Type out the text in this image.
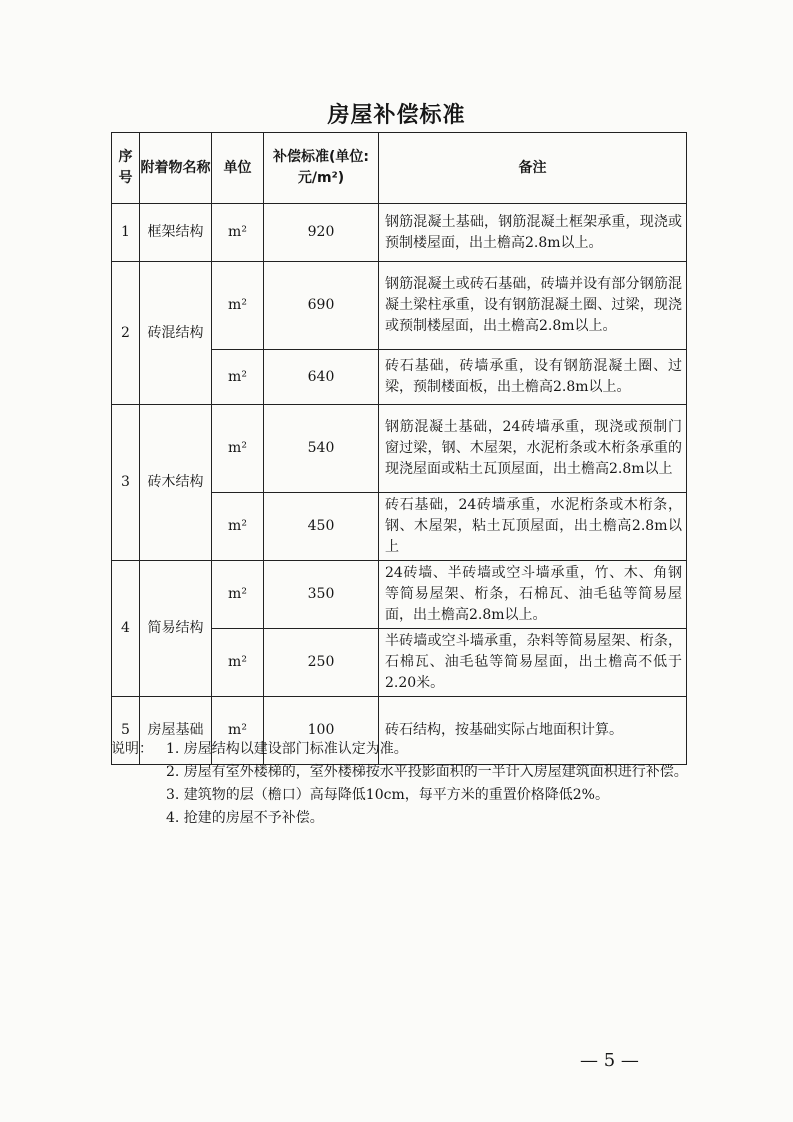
房屋补偿标准
序号	附着物名称	单位	补偿标准(单位:元/m²)	备注
1	框架结构	m²	920	钢筋混凝土基础，钢筋混凝土框架承重，现浇或预制楼屋面，出土檐高2.8m以上。
2	砖混结构	m²	690	钢筋混凝土或砖石基础，砖墙并设有部分钢筋混凝土梁柱承重，设有钢筋混凝土圈、过梁，现浇或预制楼屋面，出土檐高2.8m以上。
		m²	640	砖石基础，砖墙承重，设有钢筋混凝土圈、过梁，预制楼面板，出土檐高2.8m以上。
3	砖木结构	m²	540	钢筋混凝土基础，24砖墙承重，现浇或预制门窗过梁，钢、木屋架，水泥桁条或木桁条承重的现浇屋面或粘土瓦顶屋面，出土檐高2.8m以上
		m²	450	砖石基础，24砖墙承重，水泥桁条或木桁条，钢、木屋架，粘土瓦顶屋面，出土檐高2.8m以上
4	简易结构	m²	350	24砖墙、半砖墙或空斗墙承重，竹、木、角钢等简易屋架、桁条，石棉瓦、油毛毡等简易屋面，出土檐高2.8m以上。
		m²	250	半砖墙或空斗墙承重，杂料等简易屋架、桁条，石棉瓦、油毛毡等简易屋面，出土檐高不低于2.20米。
5	房屋基础	m²	100	砖石结构，按基础实际占地面积计算。
说明： 1. 房屋结构以建设部门标准认定为准。
2. 房屋有室外楼梯的，室外楼梯按水平投影面积的一半计入房屋建筑面积进行补偿。
3. 建筑物的层（檐口）高每降低10cm，每平方米的重置价格降低2%。
4. 抢建的房屋不予补偿。
— 5 —
